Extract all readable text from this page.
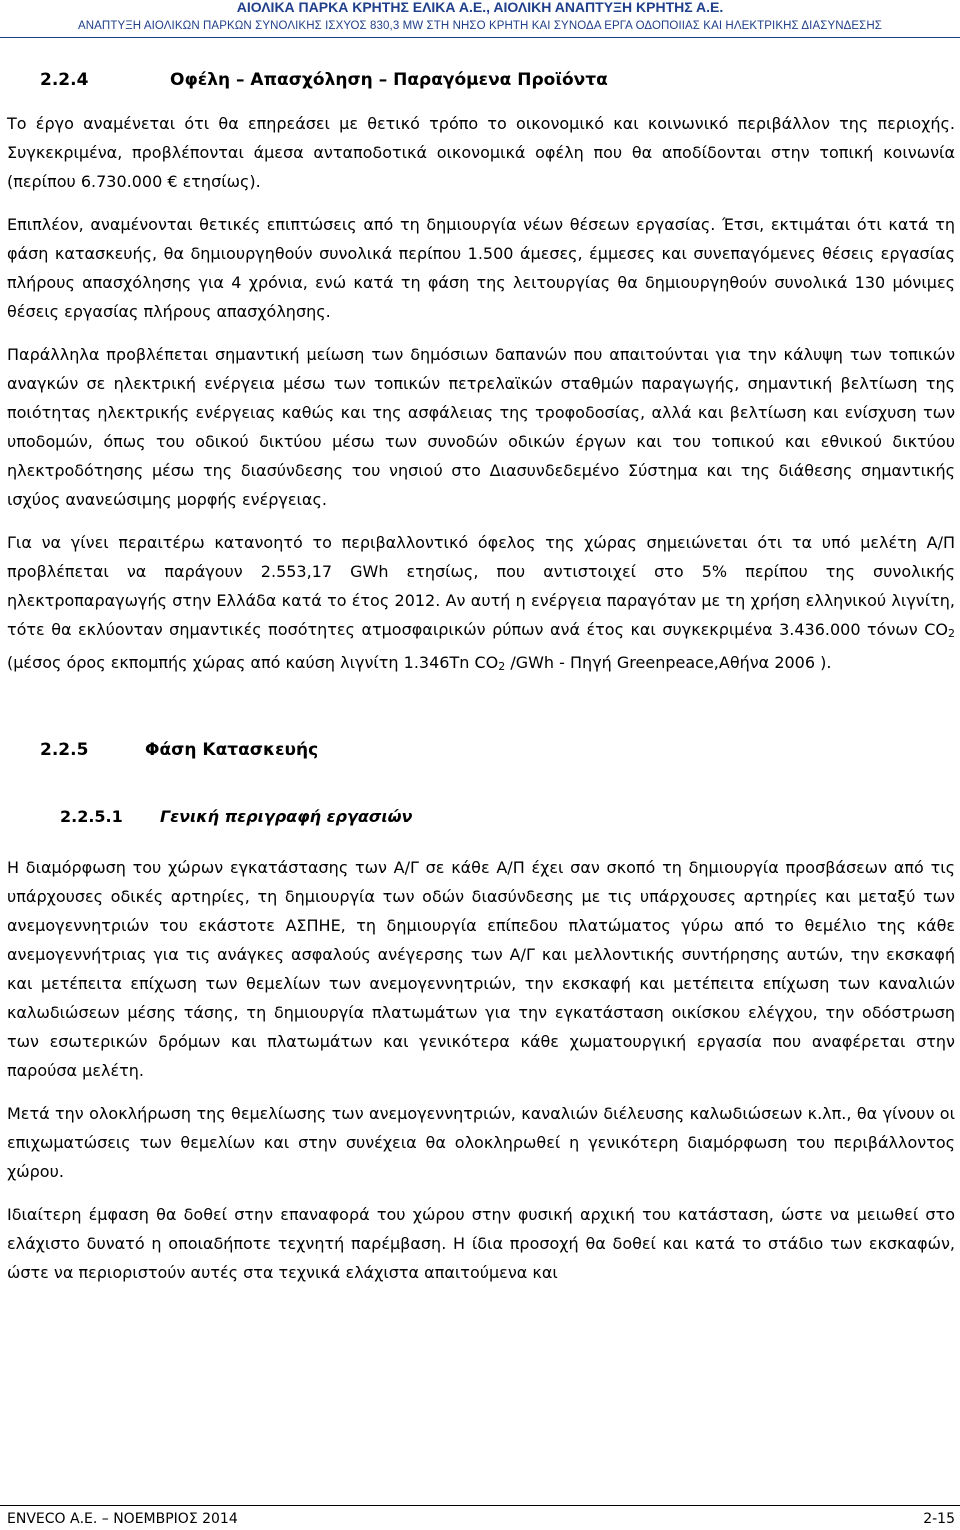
ΑΙΟΛΙΚΑ ΠΑΡΚΑ ΚΡΗΤΗΣ ΕΛΙΚΑ Α.Ε., ΑΙΟΛΙΚΗ ΑΝΑΠΤΥΞΗ ΚΡΗΤΗΣ Α.Ε.
ΑΝΑΠΤΥΞΗ ΑΙΟΛΙΚΩΝ ΠΑΡΚΩΝ ΣΥΝΟΛΙΚΗΣ ΙΣΧΥΟΣ 830,3 MW ΣΤΗ ΝΗΣΟ ΚΡΗΤΗ ΚΑΙ ΣΥΝΟΔΑ ΕΡΓΑ ΟΔΟΠΟΙΙΑΣ ΚΑΙ ΗΛΕΚΤΡΙΚΗΣ ΔΙΑΣΥΝΔΕΣΗΣ
2.2.4	Οφέλη – Απασχόληση – Παραγόμενα Προϊόντα

Το έργο αναμένεται ότι θα επηρεάσει με θετικό τρόπο το οικονομικό και κοινωνικό περιβάλλον της περιοχής. Συγκεκριμένα, προβλέπονται άμεσα ανταποδοτικά οικονομικά οφέλη που θα αποδίδονται στην τοπική κοινωνία (περίπου 6.730.000 € ετησίως).

Επιπλέον, αναμένονται θετικές επιπτώσεις από τη δημιουργία νέων θέσεων εργασίας. Έτσι, εκτιμάται ότι κατά τη φάση κατασκευής, θα δημιουργηθούν συνολικά περίπου 1.500 άμεσες, έμμεσες και συνεπαγόμενες θέσεις εργασίας πλήρους απασχόλησης για 4 χρόνια, ενώ κατά τη φάση της λειτουργίας θα δημιουργηθούν συνολικά 130 μόνιμες θέσεις εργασίας πλήρους απασχόλησης.

Παράλληλα προβλέπεται σημαντική μείωση των δημόσιων δαπανών που απαιτούνται για την κάλυψη των τοπικών αναγκών σε ηλεκτρική ενέργεια μέσω των τοπικών πετρελαϊκών σταθμών παραγωγής, σημαντική βελτίωση της ποιότητας ηλεκτρικής ενέργειας καθώς και της ασφάλειας της τροφοδοσίας, αλλά και βελτίωση και ενίσχυση των υποδομών, όπως του οδικού δικτύου μέσω των συνοδών οδικών έργων και του τοπικού και εθνικού δικτύου ηλεκτροδότησης μέσω της διασύνδεσης του νησιού στο Διασυνδεδεμένο Σύστημα και της διάθεσης σημαντικής ισχύος ανανεώσιμης μορφής ενέργειας.

Για να γίνει περαιτέρω κατανοητό το περιβαλλοντικό όφελος της χώρας σημειώνεται ότι τα υπό μελέτη Α/Π προβλέπεται να παράγουν 2.553,17 GWh ετησίως, που αντιστοιχεί στο 5% περίπου της συνολικής ηλεκτροπαραγωγής στην Ελλάδα κατά το έτος 2012. Αν αυτή η ενέργεια παραγόταν με τη χρήση ελληνικού λιγνίτη, τότε θα εκλύονταν σημαντικές ποσότητες ατμοσφαιρικών ρύπων ανά έτος και συγκεκριμένα 3.436.000 τόνων $CO_2$ (μέσος όρος εκπομπής χώρας από καύση λιγνίτη 1.346Tn $CO_2$ /GWh - Πηγή Greenpeace,Αθήνα 2006 ).

2.2.5	Φάση Κατασκευής
2.2.5.1 Γενική περιγραφή εργασιών

Η διαμόρφωση του χώρων εγκατάστασης των Α/Γ σε κάθε Α/Π έχει σαν σκοπό τη δημιουργία προσβάσεων από τις υπάρχουσες οδικές αρτηρίες, τη δημιουργία των οδών διασύνδεσης με τις υπάρχουσες αρτηρίες και μεταξύ των ανεμογεννητριών του εκάστοτε ΑΣΠΗΕ, τη δημιουργία επίπεδου πλατώματος γύρω από το θεμέλιο της κάθε ανεμογεννήτριας για τις ανάγκες ασφαλούς ανέγερσης των Α/Γ και μελλοντικής συντήρησης αυτών, την εκσκαφή και μετέπειτα επίχωση των θεμελίων των ανεμογεννητριών, την εκσκαφή και μετέπειτα επίχωση των καναλιών καλωδιώσεων μέσης τάσης, τη δημιουργία πλατωμάτων για την εγκατάσταση οικίσκου ελέγχου, την οδόστρωση των εσωτερικών δρόμων και πλατωμάτων και γενικότερα κάθε χωματουργική εργασία που αναφέρεται στην παρούσα μελέτη.

Μετά την ολοκλήρωση της θεμελίωσης των ανεμογεννητριών, καναλιών διέλευσης καλωδιώσεων κ.λπ., θα γίνουν οι επιχωματώσεις των θεμελίων και στην συνέχεια θα ολοκληρωθεί η γενικότερη διαμόρφωση του περιβάλλοντος χώρου.

Ιδιαίτερη έμφαση θα δοθεί στην επαναφορά του χώρου στην φυσική αρχική του κατάσταση, ώστε να μειωθεί στο ελάχιστο δυνατό η οποιαδήποτε τεχνητή παρέμβαση. Η ίδια προσοχή θα δοθεί και κατά το στάδιο των εκσκαφών, ώστε να περιοριστούν αυτές στα τεχνικά ελάχιστα απαιτούμενα και

ENVECO Α.Ε. – ΝΟΕΜΒΡΙΟΣ 2014	2-15
